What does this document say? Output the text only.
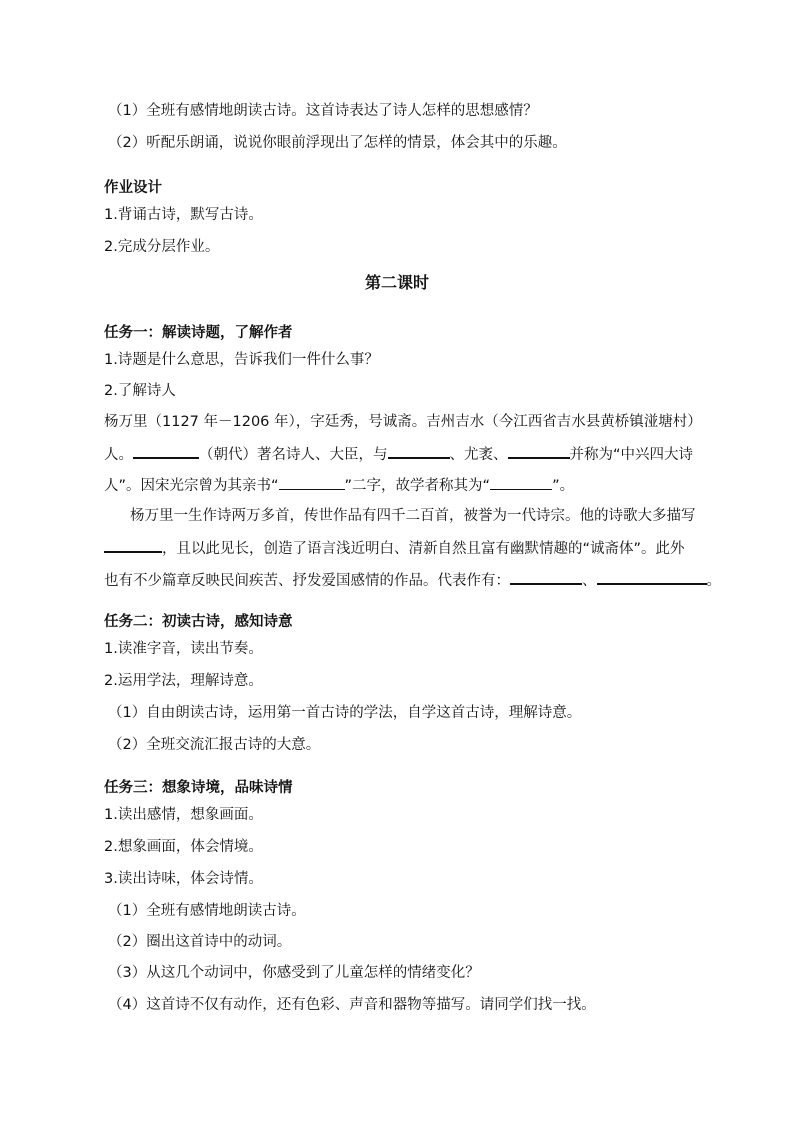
（1）全班有感情地朗读古诗。这首诗表达了诗人怎样的思想感情？
（2）听配乐朗诵，说说你眼前浮现出了怎样的情景，体会其中的乐趣。
作业设计
1.背诵古诗，默写古诗。
2.完成分层作业。
第二课时
任务一：解读诗题，了解作者
1.诗题是什么意思，告诉我们一件什么事？
2.了解诗人
杨万里（1127 年－1206 年），字廷秀，号诚斋。吉州吉水（今江西省吉水县黄桥镇湴塘村）
人。	（朝代）著名诗人、大臣，与	、尤袤、	并称为“中兴四大诗
人”。因宋光宗曾为其亲书“	”二字，故学者称其为“	”。
杨万里一生作诗两万多首，传世作品有四千二百首，被誉为一代诗宗。他的诗歌大多描写
，且以此见长，创造了语言浅近明白、清新自然且富有幽默情趣的“诚斋体”。此外
也有不少篇章反映民间疾苦、抒发爱国感情的作品。代表作有：	、	。
任务二：初读古诗，感知诗意
1.读准字音，读出节奏。
2.运用学法，理解诗意。
（1）自由朗读古诗，运用第一首古诗的学法，自学这首古诗，理解诗意。
（2）全班交流汇报古诗的大意。
任务三：想象诗境，品味诗情
1.读出感情，想象画面。
2.想象画面，体会情境。
3.读出诗味，体会诗情。
（1）全班有感情地朗读古诗。
（2）圈出这首诗中的动词。
（3）从这几个动词中，你感受到了儿童怎样的情绪变化？
（4）这首诗不仅有动作，还有色彩、声音和器物等描写。请同学们找一找。
